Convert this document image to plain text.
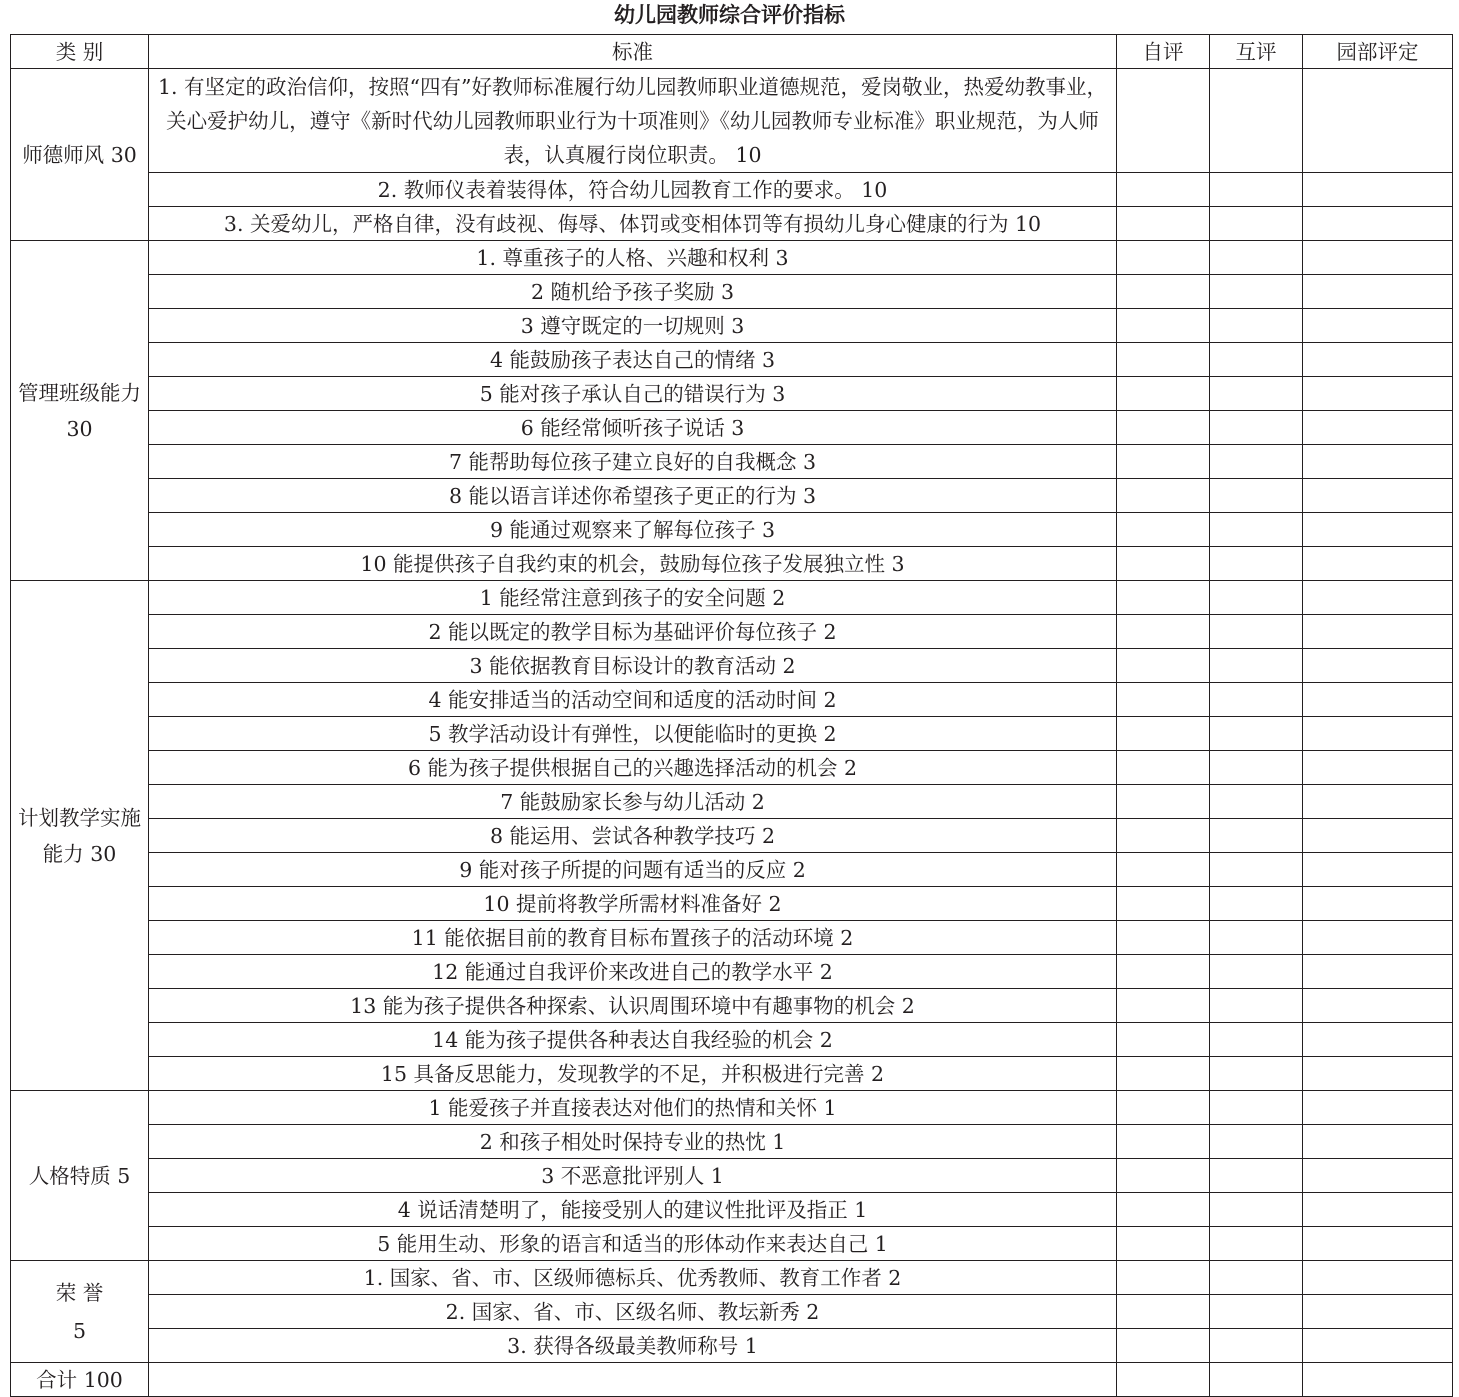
幼儿园教师综合评价指标
类 别	标准	自评	互评	园部评定
师德师风 30	1. 有坚定的政治信仰，按照“四有”好教师标准履行幼儿园教师职业道德规范，爱岗敬业，热爱幼教事业，关心爱护幼儿，遵守《新时代幼儿园教师职业行为十项准则》《幼儿园教师专业标准》职业规范，为人师表，认真履行岗位职责。 10			
	2. 教师仪表着装得体，符合幼儿园教育工作的要求。 10			
	3. 关爱幼儿，严格自律，没有歧视、侮辱、体罚或变相体罚等有损幼儿身心健康的行为 10			
管理班级能力 30	1. 尊重孩子的人格、兴趣和权利 3			
	2 随机给予孩子奖励 3			
	3 遵守既定的一切规则 3			
	4 能鼓励孩子表达自己的情绪 3			
	5 能对孩子承认自己的错误行为 3			
	6 能经常倾听孩子说话 3			
	7 能帮助每位孩子建立良好的自我概念 3			
	8 能以语言详述你希望孩子更正的行为 3			
	9 能通过观察来了解每位孩子 3			
	10 能提供孩子自我约束的机会，鼓励每位孩子发展独立性 3			
计划教学实施能力 30	1 能经常注意到孩子的安全问题 2			
	2 能以既定的教学目标为基础评价每位孩子 2			
	3 能依据教育目标设计的教育活动 2			
	4 能安排适当的活动空间和适度的活动时间 2			
	5 教学活动设计有弹性，以便能临时的更换 2			
	6 能为孩子提供根据自己的兴趣选择活动的机会 2			
	7 能鼓励家长参与幼儿活动 2			
	8 能运用、尝试各种教学技巧 2			
	9 能对孩子所提的问题有适当的反应 2			
	10 提前将教学所需材料准备好 2			
	11 能依据目前的教育目标布置孩子的活动环境 2			
	12 能通过自我评价来改进自己的教学水平 2			
	13 能为孩子提供各种探索、认识周围环境中有趣事物的机会 2			
	14 能为孩子提供各种表达自我经验的机会 2			
	15 具备反思能力，发现教学的不足，并积极进行完善 2			
人格特质 5	1 能爱孩子并直接表达对他们的热情和关怀 1			
	2 和孩子相处时保持专业的热忱 1			
	3 不恶意批评别人 1			
	4 说话清楚明了，能接受别人的建议性批评及指正 1			
	5 能用生动、形象的语言和适当的形体动作来表达自己 1			
荣 誉 5	1. 国家、省、市、区级师德标兵、优秀教师、教育工作者 2			
	2. 国家、省、市、区级名师、教坛新秀 2			
	3. 获得各级最美教师称号 1			
合计 100				
